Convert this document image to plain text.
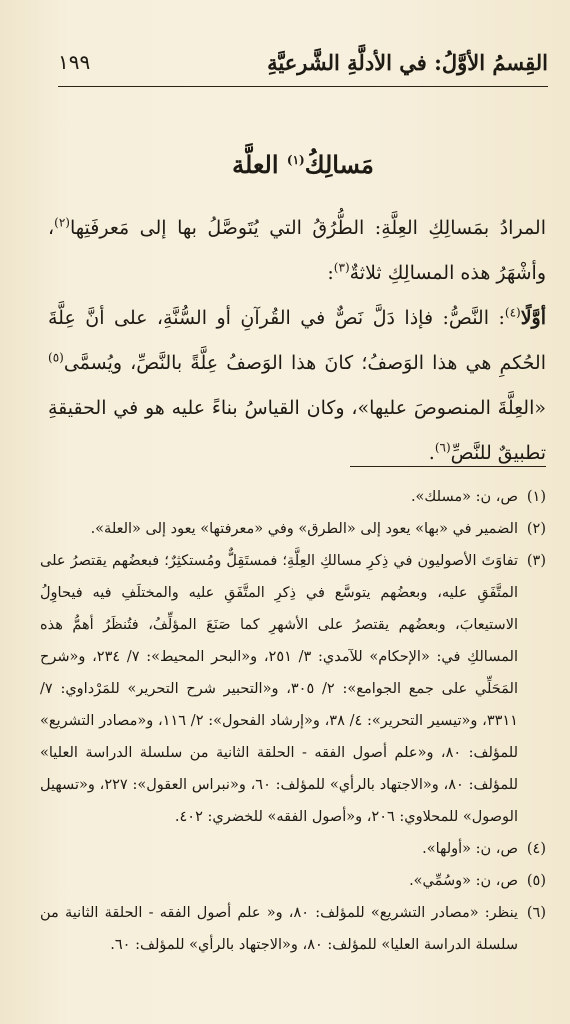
١٩٩	القِسمُ الأوَّلُ: في الأدلَّةِ الشَّرعيَّةِ
مَسالِكُ$^{(١)}$ العلَّة

المرادُ بمَسالِكِ العِلَّةِ: الطُّرُقُ التي يُتَوصَّلُ بها إلى مَعرفَتِها$^{(٢)}$، وأشْهَرُ هذه المسالِكِ ثلاثةٌ$^{(٣)}$:

أوَّلًا$^{(٤)}$: النَّصُّ: فإذا دَلَّ نَصٌّ في القُرآنِ أو السُّنَّةِ، على أنَّ عِلَّةَ الحُكمِ هي هذا الوَصفُ؛ كانَ هذا الوَصفُ عِلَّةً بالنَّصِّ، ويُسمَّى$^{(٥)}$ «العِلَّةَ المنصوصَ عليها»، وكان القياسُ بناءً عليه هو في الحقيقةِ تطبيقٌ للنَّصِّ$^{(٦)}$.

(١)
ص، ن: «مسلك».
(٢)
الضمير في «بها» يعود إلى «الطرق» وفي «معرفتها» يعود إلى «العلة».
(٣)
تفاوَتَ الأصوليون في ذِكرِ مسالكِ العِلَّةِ؛ فمستَقِلٌّ ومُستكثِرٌ؛ فبعضُهم يقتصرُ على المتَّفَقِ عليه، وبعضُهم يتوسَّع في ذِكرِ المتَّفَقِ عليه والمختلَفِ فيه فيحاوِلُ الاستيعابَ، وبعضُهم يقتصرُ على الأشهرِ كما صَنَعَ المؤلِّفُ، فتُنظَرُ أهمُّ هذه المسالكِ في: «الإحكام» للآمدي: ٣/ ٢٥١، و«البحر المحيط»: ٧/ ٢٣٤، و«شرح المَحَلِّي على جمع الجوامع»: ٢/ ٣٠٥، و«التحبير شرح التحرير» للمَرْداوي: ٧/ ٣٣١١، و«تيسير التحرير»: ٤/ ٣٨، و«إرشاد الفحول»: ٢/ ١١٦، و«مصادر التشريع» للمؤلف: ٨٠، و«علم أصول الفقه - الحلقة الثانية من سلسلة الدراسة العليا» للمؤلف: ٨٠، و«الاجتهاد بالرأي» للمؤلف: ٦٠، و«نبراس العقول»: ٢٢٧، و«تسهيل الوصول» للمحلاوي: ٢٠٦، و«أصول الفقه» للخضري: ٤٠٢.
(٤)
ص، ن: «أولها».
(٥)
ص، ن: «وسُمِّي».
(٦)
ينظر: «مصادر التشريع» للمؤلف: ٨٠، و« علم أصول الفقه - الحلقة الثانية من سلسلة الدراسة العليا» للمؤلف: ٨٠، و«الاجتهاد بالرأي» للمؤلف: ٦٠.
